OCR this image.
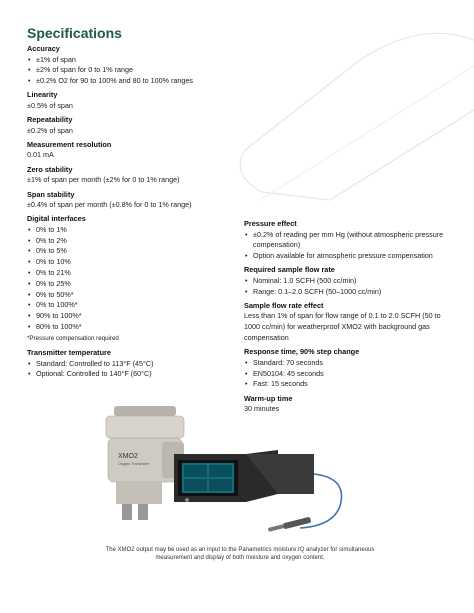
Specifications
Accuracy
• ±1% of span
• ±2% of span for 0 to 1% range
• ±0.2% O2 for 90 to 100% and 80 to 100% ranges
Linearity

±0.5% of span

Repeatability

±0.2% of span

Measurement resolution

0.01 mA

Zero stability

±1% of span per month (±2% for 0 to 1% range)

Span stability

±0.4% of span per month (±0.8% for 0 to 1% range)

Digital interfaces
• 0% to 1%
• 0% to 2%
• 0% to 5%
• 0% to 10%
• 0% to 21%
• 0% to 25%
• 0% to 50%*
• 0% to 100%*
• 90% to 100%*
• 80% to 100%*

*Pressure compensation required

Transmitter temperature
• Standard: Controlled to 113°F (45°C)
• Optional: Controlled to 140°F (60°C)
Pressure effect
• ±0.2% of reading per mm Hg (without atmospheric pressure compensation)
• Option available for atmospheric pressure compensation
Required sample flow rate
• Nominal: 1.0 SCFH (500 cc/min)
• Range: 0.1–2.0 SCFH (50–1000 cc/min)
Sample flow rate effect

Less than 1% of span for flow range of 0.1 to 2.0 SCFH (50 to 1000 cc/min) for weatherproof XMO2 with background gas compensation

Response time, 90% step change
• Standard: 70 seconds
• EN50104: 45 seconds
• Fast: 15 seconds
Warm-up time

30 minutes

XMO2
Oxygen Transmitter

The XMO2 output may be used as an input to the Panametrics moisture.IQ analyzer for simultaneous measurement and display of both moisture and oxygen content.
